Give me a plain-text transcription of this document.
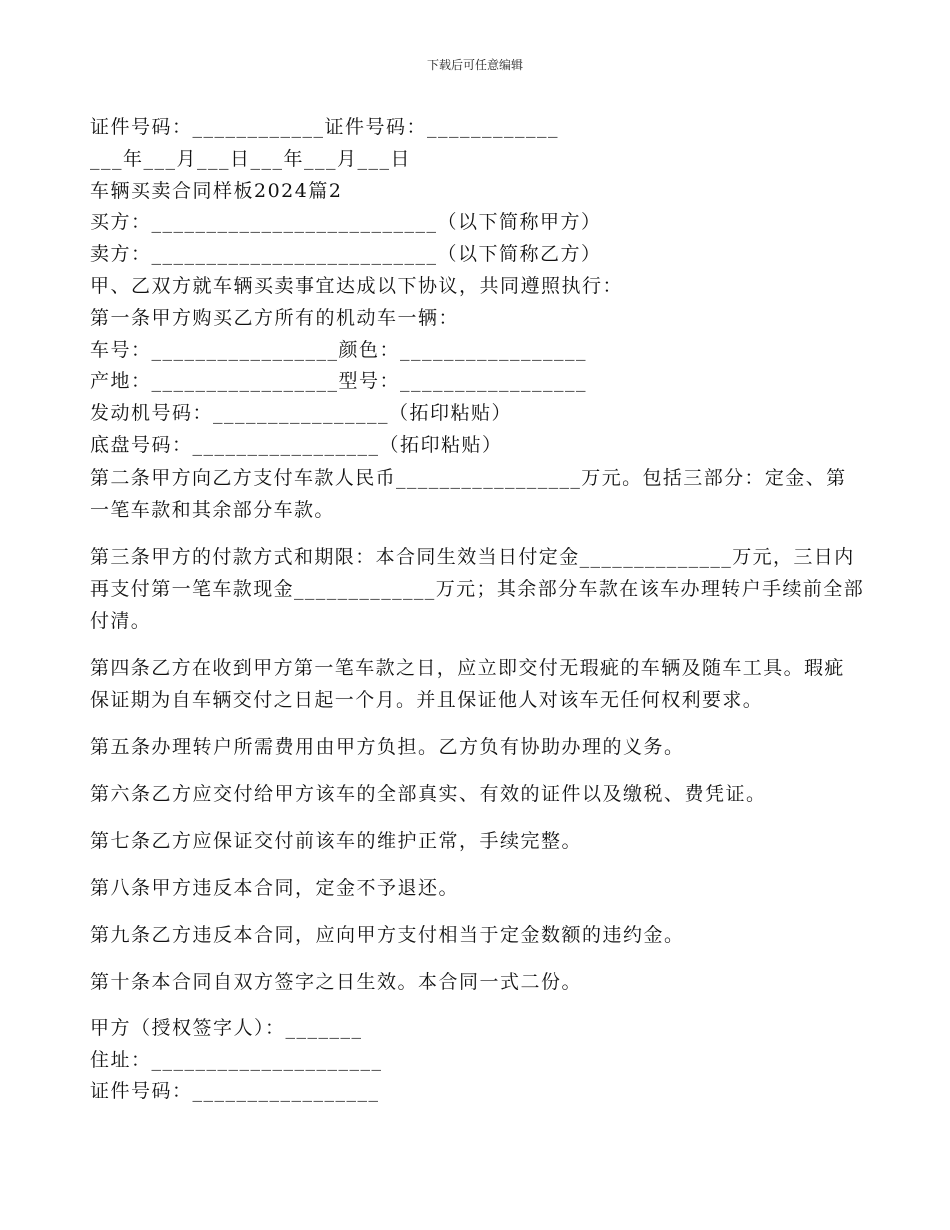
下载后可任意编辑
证件号码：____________证件号码：____________
___年___月___日___年___月___日
车辆买卖合同样板2024篇2
买方：__________________________（以下简称甲方）
卖方：__________________________（以下简称乙方）
甲、乙双方就车辆买卖事宜达成以下协议，共同遵照执行：
第一条甲方购买乙方所有的机动车一辆：
车号：_________________颜色：_________________
产地：_________________型号：_________________
发动机号码：________________（拓印粘贴）
底盘号码：_________________（拓印粘贴）
第二条甲方向乙方支付车款人民币_________________万元。包括三部分：定金、第一笔车款和其余部分车款。
第三条甲方的付款方式和期限：本合同生效当日付定金______________万元，三日内再支付第一笔车款现金_____________万元；其余部分车款在该车办理转户手续前全部付清。
第四条乙方在收到甲方第一笔车款之日，应立即交付无瑕疵的车辆及随车工具。瑕疵保证期为自车辆交付之日起一个月。并且保证他人对该车无任何权利要求。
第五条办理转户所需费用由甲方负担。乙方负有协助办理的义务。
第六条乙方应交付给甲方该车的全部真实、有效的证件以及缴税、费凭证。
第七条乙方应保证交付前该车的维护正常，手续完整。
第八条甲方违反本合同，定金不予退还。
第九条乙方违反本合同，应向甲方支付相当于定金数额的违约金。
第十条本合同自双方签字之日生效。本合同一式二份。
甲方（授权签字人）：_______
住址：_____________________
证件号码：_________________
